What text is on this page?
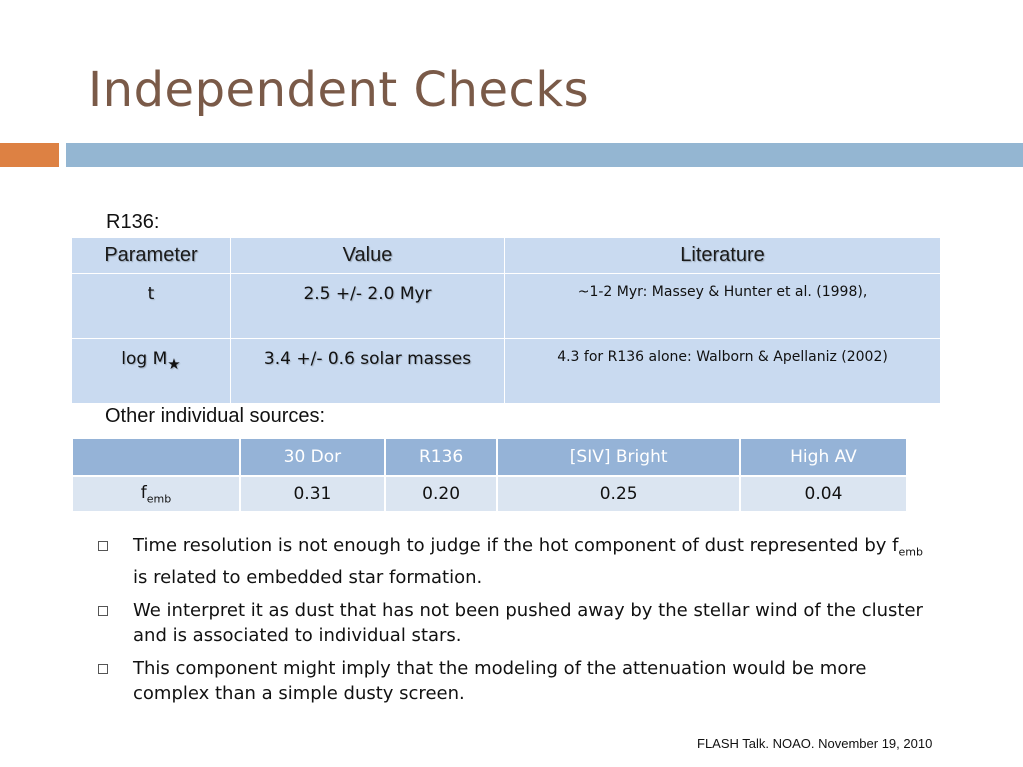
Independent Checks
R136:
Parameter	Value	Literature
t	2.5 +/- 2.0 Myr	~1-2 Myr: Massey & Hunter et al. (1998),
log M★	3.4 +/- 0.6 solar masses	4.3 for R136 alone: Walborn & Apellaniz (2002)
Other individual sources:
	30 Dor	R136	[SIV] Bright	High AV
$f_{emb}$	0.31	0.20	0.25	0.04
Time resolution is not enough to judge if the hot component of dust represented by $f_{emb}$ is related to embedded star formation.
We interpret it as dust that has not been pushed away by the stellar wind of the cluster and is associated to individual stars.
This component might imply that the modeling of the attenuation would be more complex than a simple dusty screen.
FLASH Talk. NOAO. November 19, 2010
